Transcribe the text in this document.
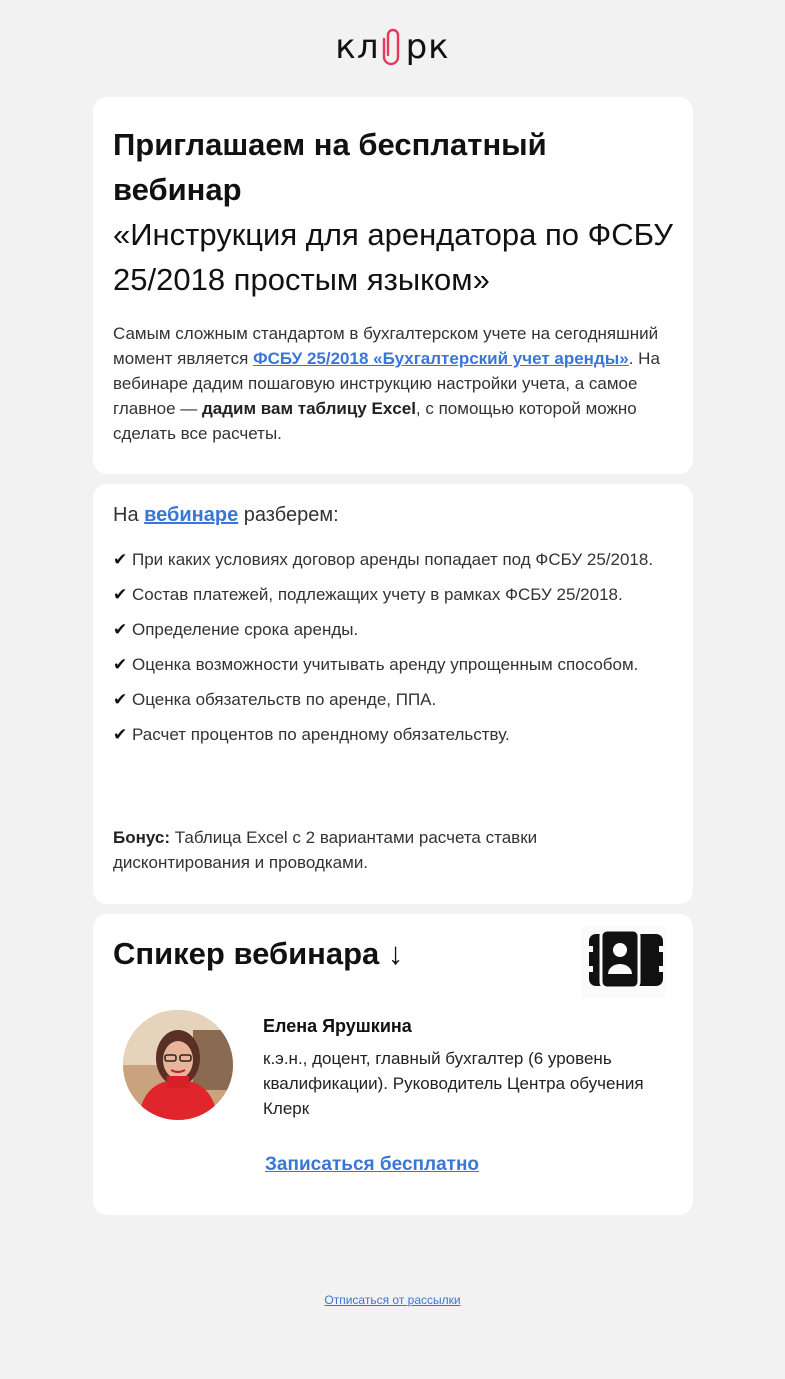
кл рк
Приглашаем на бесплатный вебинар
«Инструкция для арендатора по ФСБУ 25/2018 простым языком»
Самым сложным стандартом в бухгалтерском учете на сегодняшний момент является ФСБУ 25/2018 «Бухгалтерский учет аренды». На вебинаре дадим пошаговую инструкцию настройки учета, а самое главное — дадим вам таблицу Excel, с помощью которой можно сделать все расчеты.
На вебинаре разберем:
✔ При каких условиях договор аренды попадает под ФСБУ 25/2018.
✔ Состав платежей, подлежащих учету в рамках ФСБУ 25/2018.
✔ Определение срока аренды.
✔ Оценка возможности учитывать аренду упрощенным способом.
✔ Оценка обязательств по аренде, ППА.
✔ Расчет процентов по арендному обязательству.
Бонус: Таблица Excel с 2 вариантами расчета ставки дисконтирования и проводками.
Спикер вебинара ↓
Елена Ярушкина
к.э.н., доцент, главный бухгалтер (6 уровень квалификации). Руководитель Центра обучения Клерк
Записаться бесплатно
Отписаться от рассылки
